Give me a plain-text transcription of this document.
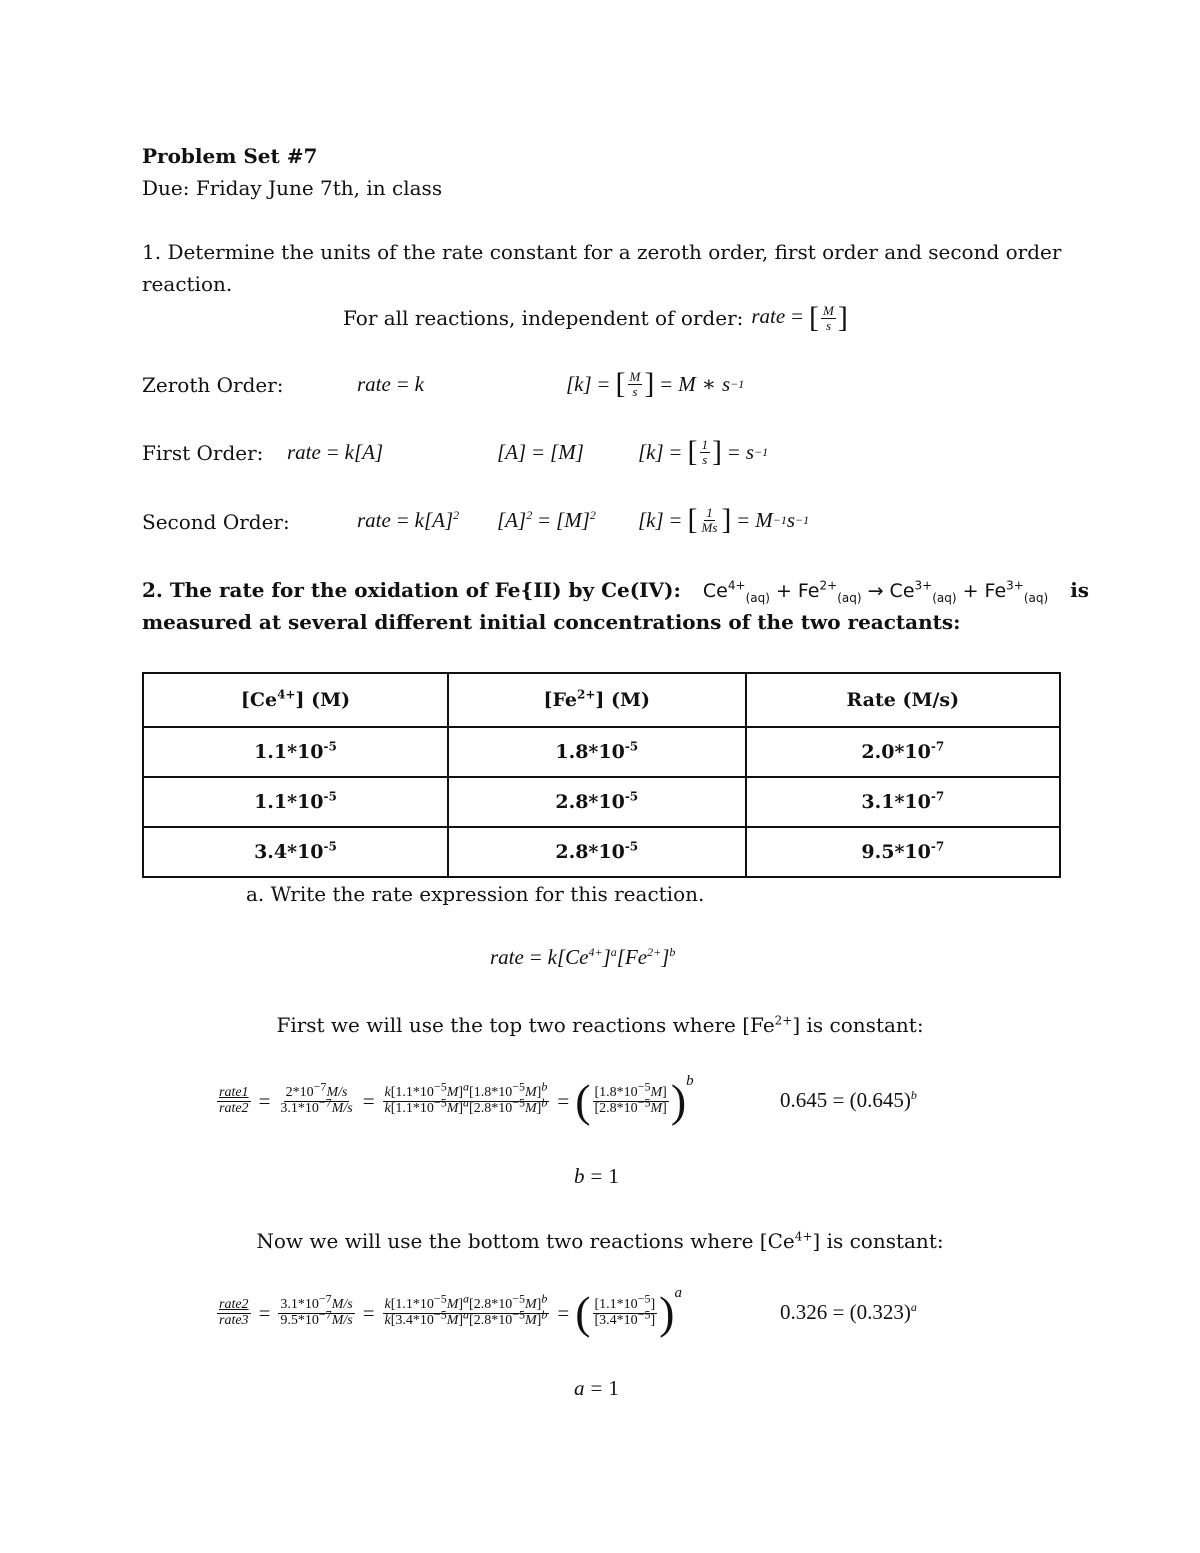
Problem Set #7
Due: Friday June 7th, in class
1. Determine the units of the rate constant for a zeroth order, first order and second order
reaction.
For all reactions, independent of order: rate = [ $\frac{M}{s}$ ]
Zeroth Order:	rate = k	[k] = [ $\frac{M}{s}$ ] = M ∗ s −1
First Order: rate = k[A]	[A] = [M]	[k] = [ $\frac{1}{s}$ ] = s −1
Second Order:	rate = $k[A]^2$ $[A]^2 = [M]^2$ [k] = [ $\frac{1}{Ms}$ ] = M −1 s −1
2. The rate for the oxidation of Fe{II) by Ce(IV): $Ce^{4+}_{(aq)} + Fe^{2+}_{(aq)} \to Ce^{3+}_{(aq)} + Fe^{3+}_{(aq)}$ is
measured at several different initial concentrations of the two reactants:
$[Ce^{4+}]$ (M)	$[Fe^{2+}]$ (M)	Rate (M/s)
$1.1*10^{-5}$	$1.8*10^{-5}$	$2.0*10^{-7}$
$1.1*10^{-5}$	$2.8*10^{-5}$	$3.1*10^{-7}$
$3.4*10^{-5}$	$2.8*10^{-5}$	$9.5*10^{-7}$
a. Write the rate expression for this reaction.
rate = $k[Ce^{4+}]^a[Fe^{2+}]^b$
First we will use the top two reactions where $[Fe^{2+}]$ is constant:
$\frac{\text{rate1}}{\text{rate2}} = \frac{2*10^{-7}M/s}{3.1*10^{-7}M/s} = \frac{k[1.1*10^{-5}M]^a[1.8*10^{-5}M]^b}{k[1.1*10^{-5}M]^a[2.8*10^{-5}M]^b}$ = ( $\frac{[1.8*10^{-5}M]}{[2.8*10^{-5}M]}$ ) b
$0.645 = (0.645)^b$
b = 1
Now we will use the bottom two reactions where $[Ce^{4+}]$ is constant:
$\frac{\text{rate2}}{\text{rate3}} = \frac{3.1*10^{-7}M/s}{9.5*10^{-7}M/s} = \frac{k[1.1*10^{-5}M]^a[2.8*10^{-5}M]^b}{k[3.4*10^{-5}M]^a[2.8*10^{-5}M]^b}$ = ( $\frac{[1.1*10^{-5}]}{[3.4*10^{-5}]}$ ) a
$0.326 = (0.323)^a$
a = 1
